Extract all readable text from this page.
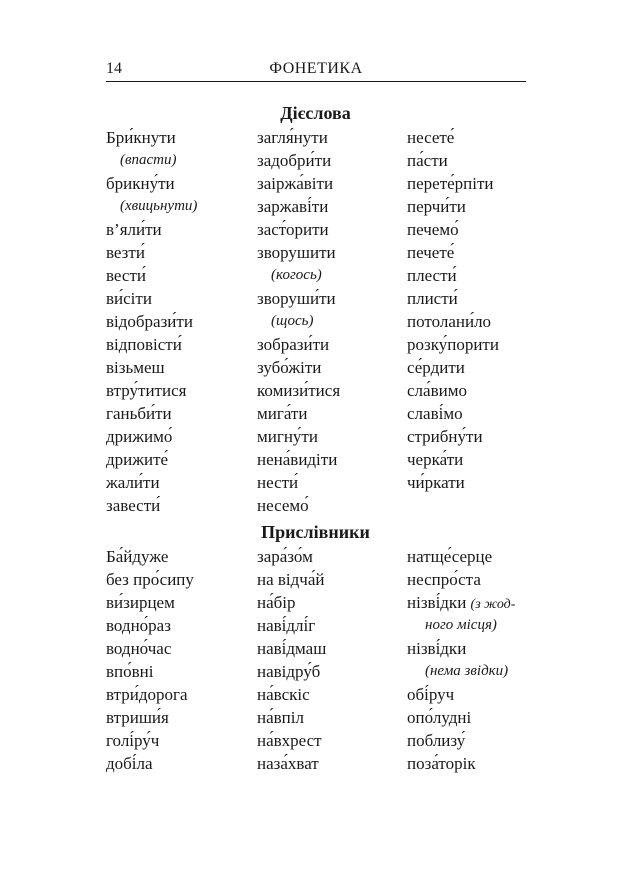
14	ФОНЕТИКА
Дієслова
Бри́кнути
(впасти)
брикну́ти
(хвицьнути)
в’яли́ти
везти́
вести́
ви́сіти
відобрази́ти
відповісти́
візьмеш
втру́титися
ганьби́ти
дрижимо́
дрижите́
жали́ти
завести́
загля́нути
задобри́ти
заіржа́віти
заржаві́ти
заст́орити
зворушити
(когось)
зворуши́ти
(щось)
зобрази́ти
зубо́жіти
комизи́тися
мига́ти
мигну́ти
нена́видіти
нести́
несемо́
несете́
па́сти
перете́рпіти
перчи́ти
печемо́
печете́
плести́
плисти́
потолани́ло
розку́порити
се́рдити
сла́вимо
славі́мо
стрибну́ти
черка́ти
чи́ркати
Прислівники
Ба́йдуже
без про́сипу
ви́зирцем
водно́раз
водно́час
впо́вні
втри́дорога
втриши́я
голі́ру́ч
добі́ла
зара́зо́м
на відча́й
на́бір
наві́длі́г
наві́дмаш
навідру́б
на́вскіс
на́впіл
на́вхрест
наза́хват
натще́серце
неспро́ста
нізві́дки (з жод-
ного місця)
нізві́дки
(нема звідки)
обі́руч
опо́лудні
поблизу́
поза́торік
